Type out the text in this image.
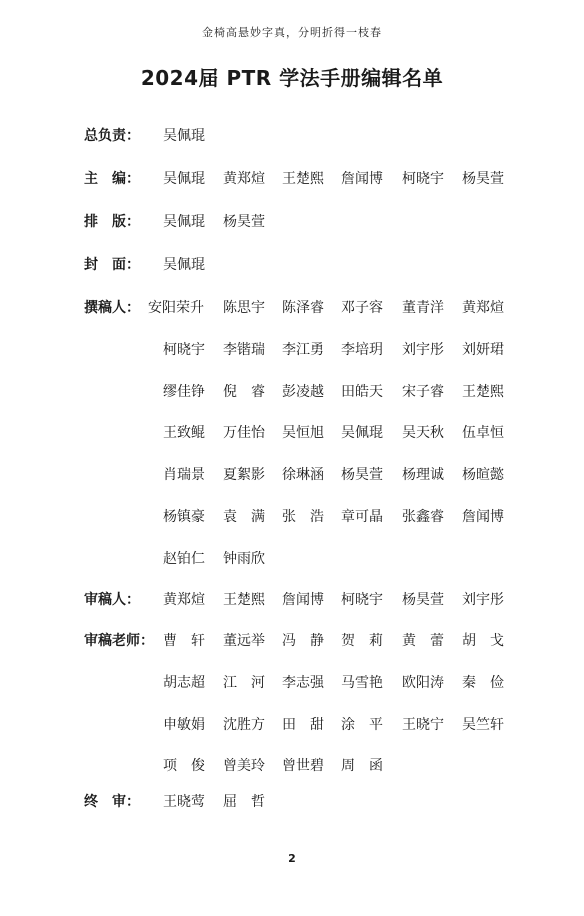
金椅高悬妙字真，分明折得一枝春
2024届 PTR 学法手册编辑名单
总负责： 吴佩琨
主　编： 吴佩琨 黄郑煊 王楚熙 詹闻博 柯晓宇 杨昊萱
排　版： 吴佩琨 杨昊萱
封　面： 吴佩琨
撰稿人： 安阳荣升 陈思宇 陈泽睿 邓子容 董青洋 黄郑煊
柯晓宇 李锴瑞 李江勇 李培玥 刘宇彤 刘妍珺
缪佳铮 倪　睿 彭凌越 田皓天 宋子睿 王楚熙
王致鲲 万佳怡 吴恒旭 吴佩琨 吴天秋 伍卓恒
肖瑞景 夏絮影 徐琳涵 杨昊萱 杨理诚 杨暄懿
杨镇豪 袁　满 张　浩 章可晶 张鑫睿 詹闻博
赵铂仁 钟雨欣
审稿人： 黄郑煊 王楚熙 詹闻博 柯晓宇 杨昊萱 刘宇彤
审稿老师： 曹　轩 董远举 冯　静 贺　莉 黄　蕾 胡　戈
胡志超 江　河 李志强 马雪艳 欧阳涛 秦　俭
申敏娟 沈胜方 田　甜 涂　平 王晓宁 吴竺轩
项　俊 曾美玲 曾世碧 周　函
终　审： 王晓莺 屈　哲
2
